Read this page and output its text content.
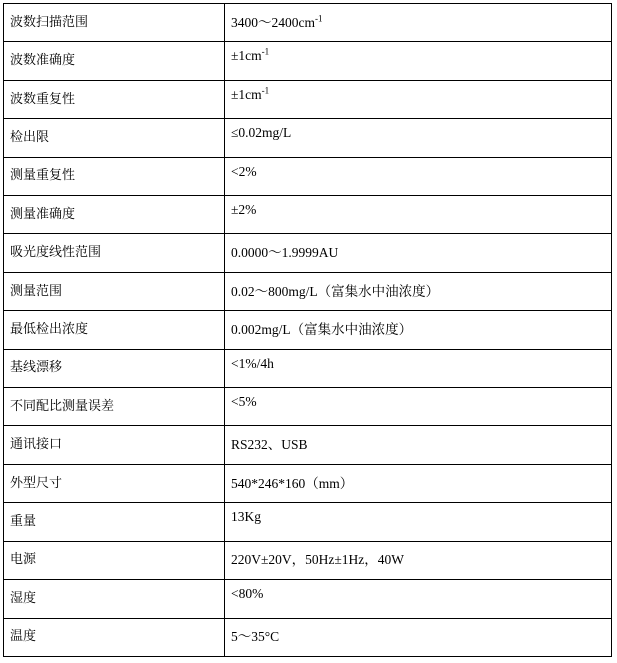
波数扫描范围	$3400\sim 2400cm^{-1}$
波数准确度	$\pm 1cm^{-1}$
波数重复性	$\pm 1cm^{-1}$
检出限	≤0.02mg/L
测量重复性	<2%
测量准确度	±2%
吸光度线性范围	0.0000～1.9999AU
测量范围	0.02～800mg/L（富集水中油浓度）
最低检出浓度	0.002mg/L（富集水中油浓度）
基线漂移	<1%/4h
不同配比测量误差	<5%
通讯接口	RS232、USB
外型尺寸	540*246*160（mm）
重量	13Kg
电源	220V±20V，50Hz±1Hz，40W
湿度	<80%
温度	5～35°C
